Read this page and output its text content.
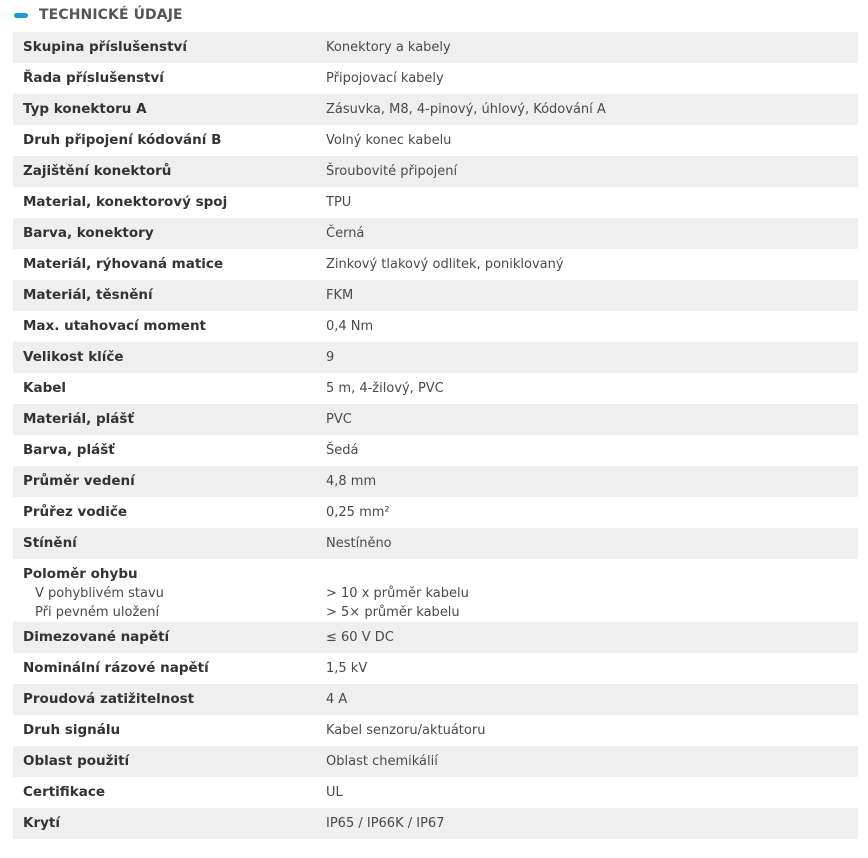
TECHNICKÉ ÚDAJE
Skupina příslušenství	Konektory a kabely
Řada příslušenství	Připojovací kabely
Typ konektoru A	Zásuvka, M8, 4-pinový, úhlový, Kódování A
Druh připojení kódování B	Volný konec kabelu
Zajištění konektorů	Šroubovité připojení
Material, konektorový spoj	TPU
Barva, konektory	Černá
Materiál, rýhovaná matice	Zinkový tlakový odlitek, poniklovaný
Materiál, těsnění	FKM
Max. utahovací moment	0,4 Nm
Velikost klíče	9
Kabel	5 m, 4-žilový, PVC
Materiál, plášť	PVC
Barva, plášť	Šedá
Průměr vedení	4,8 mm
Průřez vodiče	0,25 mm²
Stínění	Nestíněno
Poloměr ohybu
V pohyblivém stavu	> 10 x průměr kabelu
Při pevném uložení	> 5× průměr kabelu
Dimezované napětí	≤ 60 V DC
Nominální rázové napětí	1,5 kV
Proudová zatižitelnost	4 A
Druh signálu	Kabel senzoru/aktuátoru
Oblast použití	Oblast chemikálií
Certifikace	UL
Krytí	IP65 / IP66K / IP67
